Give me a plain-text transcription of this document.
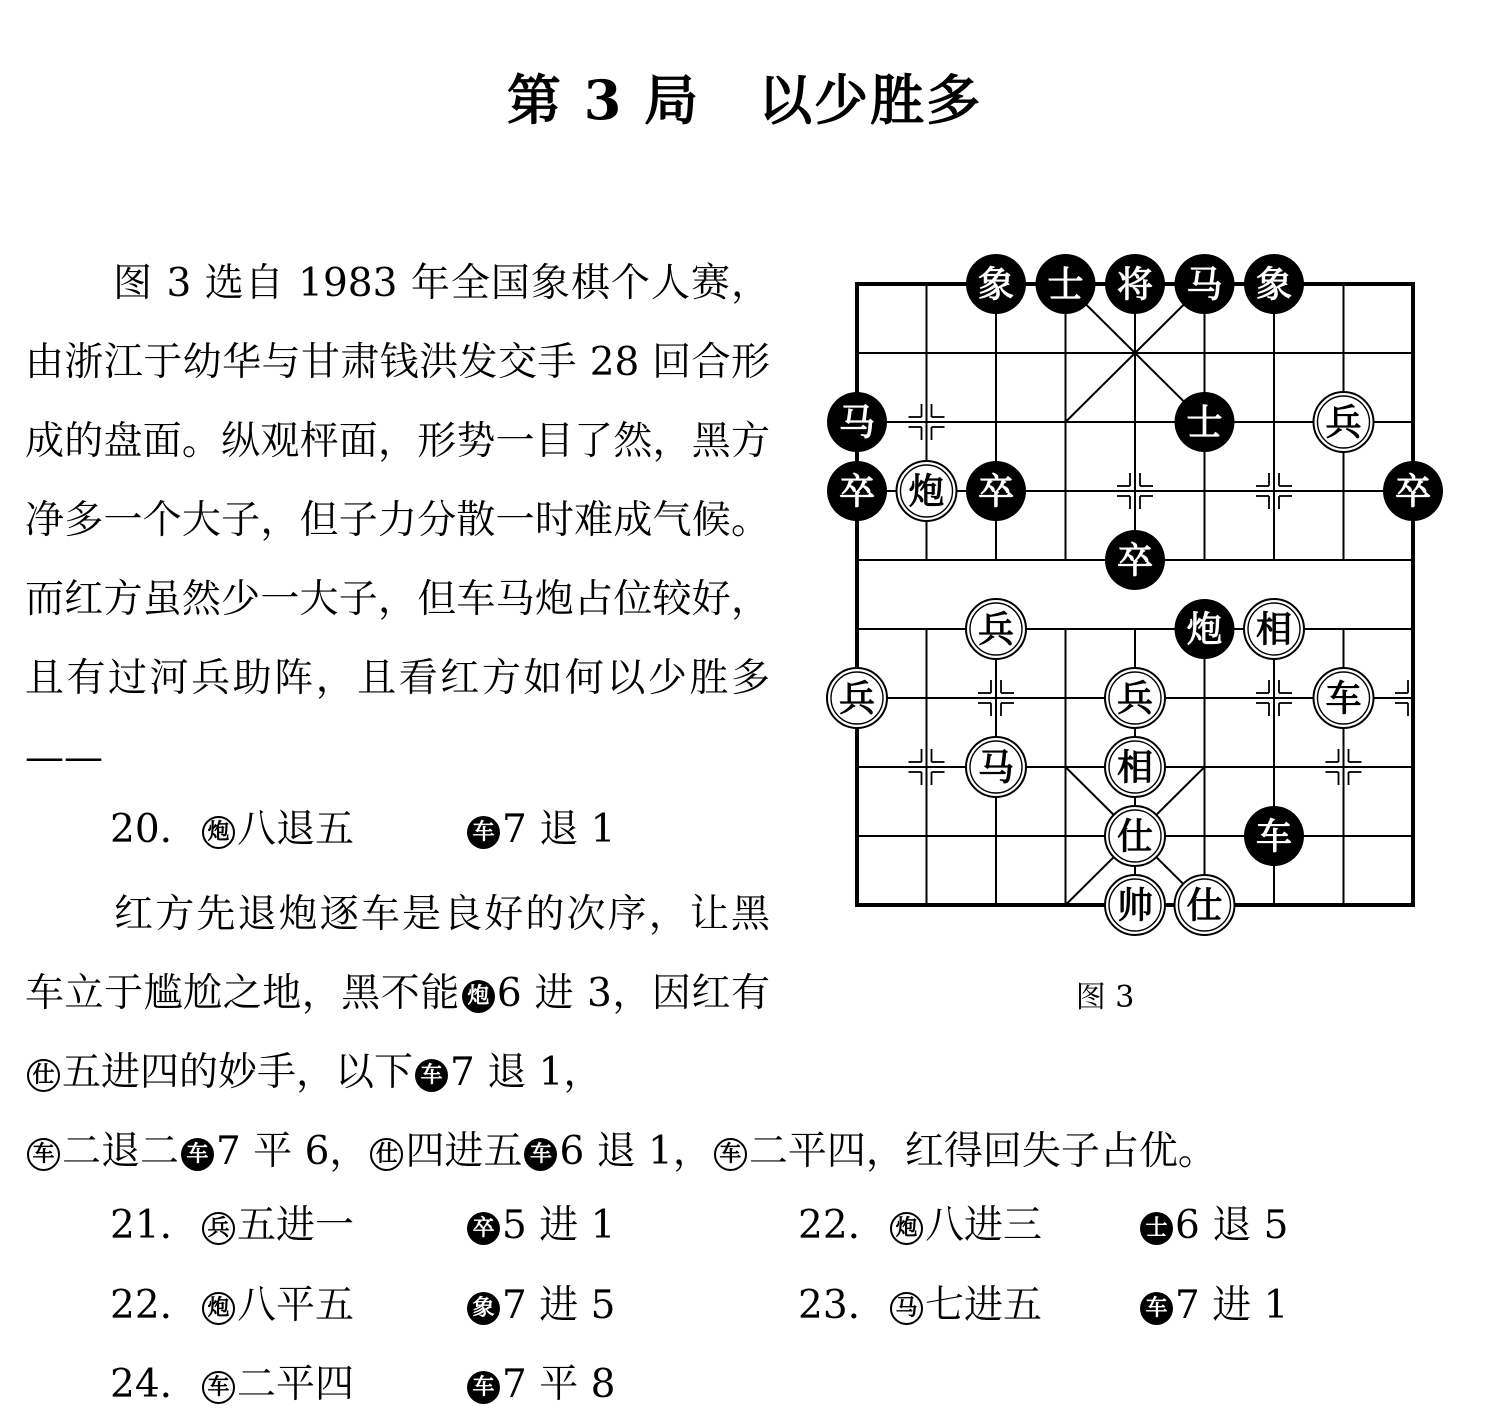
第 3 局 以少胜多

图 3 选自 1983 年全国象棋个人赛，由浙江于幼华与甘肃钱洪发交手 28 回合形成的盘面。纵观枰面，形势一目了然，黑方净多一个大子，但子力分散一时难成气候。而红方虽然少一大子，但车马炮占位较好，且有过河兵助阵，且看红方如何以少胜多——

20. 炮 八退五	车 7 退 1

红方先退炮逐车是良好的次序，让黑车立于尴尬之地，黑不能 炮 6 进 3，因红有仕 五进四的妙手，以下 车 7 退 1，

车 二退二 车 7 平 6， 仕 四进五 车 6 退 1， 车 二平四，红得回失子占优。

21. 兵 五进一	卒 5 进 1	22. 炮 八进三	士 6 退 5
22. 炮 八平五	象 7 进 5	23. 马 七进五	车 7 进 1
24. 车 二平四	车 7 平 8
象 士 将 马 象
马	士	兵
卒 炮 卒	卒
卒
兵	炮 相
兵	兵	车
马	相
仕	车
帅 仕
图 3
